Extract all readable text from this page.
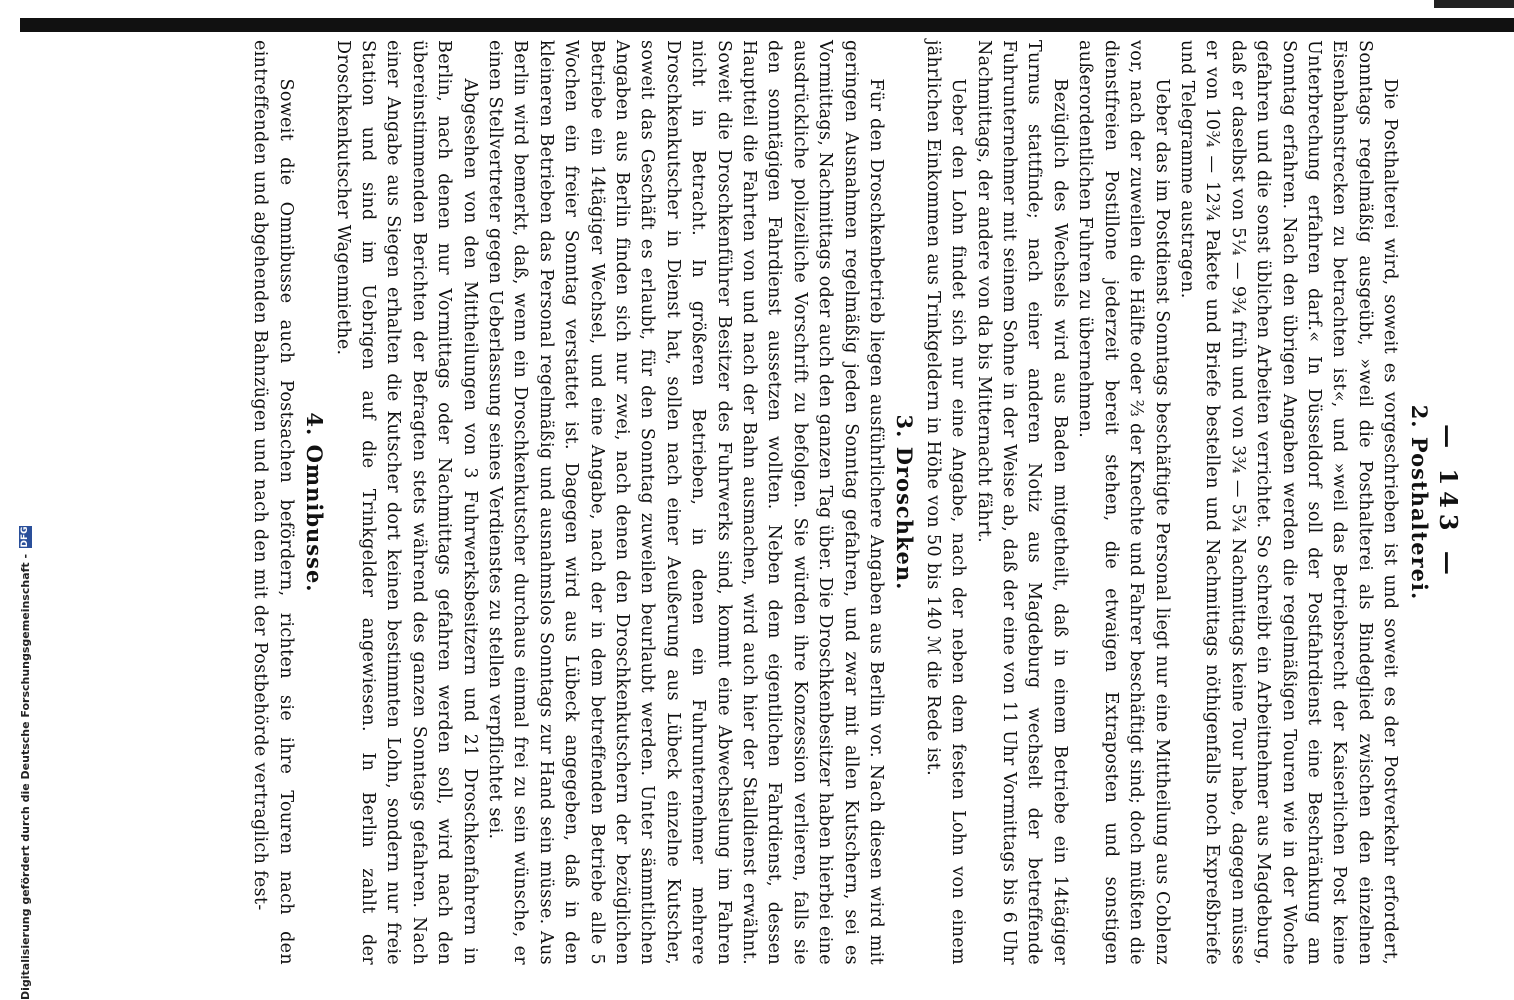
— 143 —
2. Posthalterei.

Die Posthalterei wird, soweit es vorgeschrieben ist und soweit es der Postverkehr erfordert, Sonntags regelmäßig ausgeübt, »weil die Posthalterei als Bindeglied zwischen den einzelnen Eisenbahnstrecken zu betrachten ist«, und »weil das Betriebsrecht der Kaiserlichen Post keine Unterbrechung erfahren darf.« In Düsseldorf soll der Postfahrdienst eine Beschränkung am Sonntag erfahren. Nach den übrigen Angaben werden die regelmäßigen Touren wie in der Woche gefahren und die sonst üblichen Arbeiten verrichtet. So schreibt ein Arbeitnehmer aus Magdeburg, daß er daselbst von 5¼ — 9¾ früh und von 3¾ — 5¾ Nachmittags keine Tour habe, dagegen müsse er von 10¾ — 12¾ Pakete und Briefe bestellen und Nachmittags nöthigenfalls noch Expreßbriefe und Telegramme austragen.

Ueber das im Postdienst Sonntags beschäftigte Personal liegt nur eine Mittheilung aus Coblenz vor, nach der zuweilen die Hälfte oder ⅔ der Knechte und Fahrer beschäftigt sind; doch müßten die dienstfreien Postillone jederzeit bereit stehen, die etwaigen Extraposten und sonstigen außerordentlichen Fuhren zu übernehmen.

Bezüglich des Wechsels wird aus Baden mitgetheilt, daß in einem Betriebe ein 14tägiger Turnus stattfinde; nach einer anderen Notiz aus Magdeburg wechselt der betreffende Fuhrunternehmer mit seinem Sohne in der Weise ab, daß der eine von 11 Uhr Vormittags bis 6 Uhr Nachmittags, der andere von da bis Mitternacht fährt.

Ueber den Lohn findet sich nur eine Angabe, nach der neben dem festen Lohn von einem jährlichen Einkommen aus Trinkgeldern in Höhe von 50 bis 140 ℳ die Rede ist.

3. Droschken.

Für den Droschkenbetrieb liegen ausführlichere Angaben aus Berlin vor. Nach diesen wird mit geringen Ausnahmen regelmäßig jeden Sonntag gefahren, und zwar mit allen Kutschern, sei es Vormittags, Nachmittags oder auch den ganzen Tag über. Die Droschkenbesitzer haben hierbei eine ausdrückliche polizeiliche Vorschrift zu befolgen. Sie würden ihre Konzession verlieren, falls sie den sonntägigen Fahrdienst aussetzen wollten. Neben dem eigentlichen Fahrdienst, dessen Hauptteil die Fahrten von und nach der Bahn ausmachen, wird auch hier der Stalldienst erwähnt. Soweit die Droschkenführer Besitzer des Fuhrwerks sind, kommt eine Abwechselung im Fahren nicht in Betracht. In größeren Betrieben, in denen ein Fuhrunternehmer mehrere Droschkenkutscher in Dienst hat, sollen nach einer Aeußerung aus Lübeck einzelne Kutscher, soweit das Geschäft es erlaubt, für den Sonntag zuweilen beurlaubt werden. Unter sämmtlichen Angaben aus Berlin finden sich nur zwei, nach denen den Droschkenkutschern der bezüglichen Betriebe ein 14tägiger Wechsel, und eine Angabe, nach der in dem betreffenden Betriebe alle 5 Wochen ein freier Sonntag verstattet ist. Dagegen wird aus Lübeck angegeben, daß in den kleineren Betrieben das Personal regelmäßig und ausnahmslos Sonntags zur Hand sein müsse. Aus Berlin wird bemerkt, daß, wenn ein Droschkenkutscher durchaus einmal frei zu sein wünsche, er einen Stellvertreter gegen Ueberlassung seines Verdienstes zu stellen verpflichtet sei.

Abgesehen von den Mittheilungen von 3 Fuhrwerksbesitzern und 21 Droschkenfahrern in Berlin, nach denen nur Vormittags oder Nachmittags gefahren werden soll, wird nach den übereinstimmenden Berichten der Befragten stets während des ganzen Sonntags gefahren. Nach einer Angabe aus Siegen erhalten die Kutscher dort keinen bestimmten Lohn, sondern nur freie Station und sind im Uebrigen auf die Trinkgelder angewiesen. In Berlin zahlt der Droschkenkutscher Wagenmiethe.

4. Omnibusse.

Soweit die Omnibusse auch Postsachen befördern, richten sie ihre Touren nach den eintreffenden und abgehenden Bahnzügen und nach den mit der Postbehörde vertraglich fest-

Digitalisierung gefördert durch die Deutsche Forschungsgemeinschaft -
DFG
